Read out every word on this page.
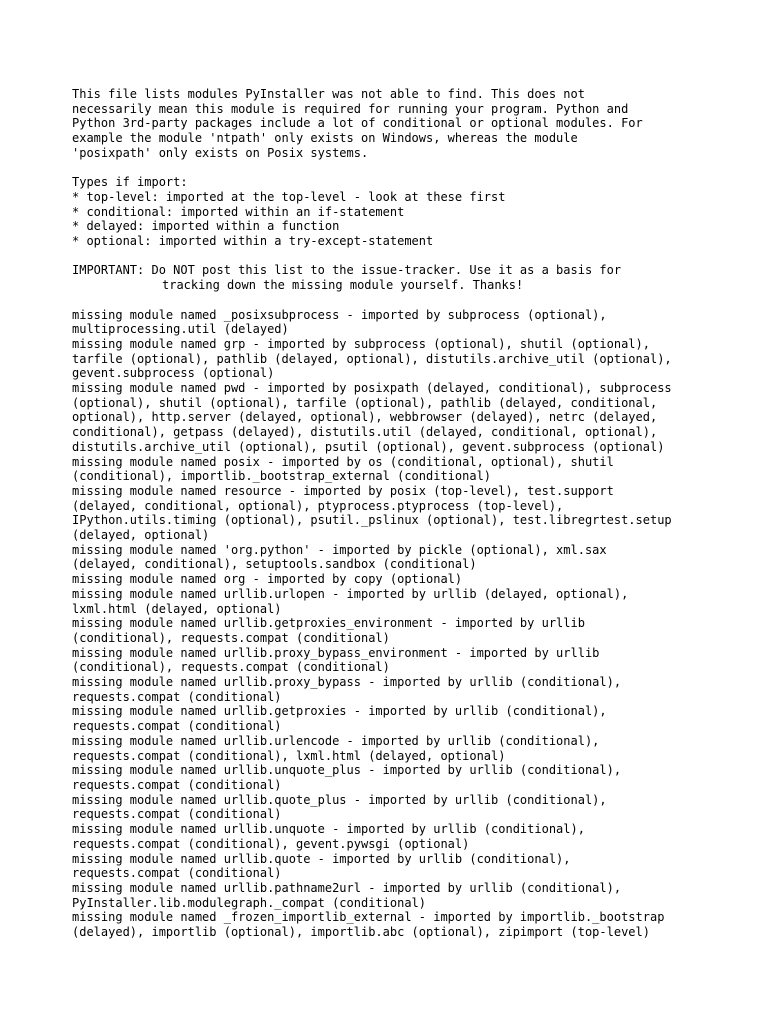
This file lists modules PyInstaller was not able to find. This does not
necessarily mean this module is required for running your program. Python and
Python 3rd-party packages include a lot of conditional or optional modules. For
example the module 'ntpath' only exists on Windows, whereas the module
'posixpath' only exists on Posix systems.
Types if import:
* top-level: imported at the top-level - look at these first
* conditional: imported within an if-statement
* delayed: imported within a function
* optional: imported within a try-except-statement
IMPORTANT: Do NOT post this list to the issue-tracker. Use it as a basis for
tracking down the missing module yourself. Thanks!
missing module named _posixsubprocess - imported by subprocess (optional),
multiprocessing.util (delayed)
missing module named grp - imported by subprocess (optional), shutil (optional),
tarfile (optional), pathlib (delayed, optional), distutils.archive_util (optional),
gevent.subprocess (optional)
missing module named pwd - imported by posixpath (delayed, conditional), subprocess
(optional), shutil (optional), tarfile (optional), pathlib (delayed, conditional,
optional), http.server (delayed, optional), webbrowser (delayed), netrc (delayed,
conditional), getpass (delayed), distutils.util (delayed, conditional, optional),
distutils.archive_util (optional), psutil (optional), gevent.subprocess (optional)
missing module named posix - imported by os (conditional, optional), shutil
(conditional), importlib._bootstrap_external (conditional)
missing module named resource - imported by posix (top-level), test.support
(delayed, conditional, optional), ptyprocess.ptyprocess (top-level),
IPython.utils.timing (optional), psutil._pslinux (optional), test.libregrtest.setup
(delayed, optional)
missing module named 'org.python' - imported by pickle (optional), xml.sax
(delayed, conditional), setuptools.sandbox (conditional)
missing module named org - imported by copy (optional)
missing module named urllib.urlopen - imported by urllib (delayed, optional),
lxml.html (delayed, optional)
missing module named urllib.getproxies_environment - imported by urllib
(conditional), requests.compat (conditional)
missing module named urllib.proxy_bypass_environment - imported by urllib
(conditional), requests.compat (conditional)
missing module named urllib.proxy_bypass - imported by urllib (conditional),
requests.compat (conditional)
missing module named urllib.getproxies - imported by urllib (conditional),
requests.compat (conditional)
missing module named urllib.urlencode - imported by urllib (conditional),
requests.compat (conditional), lxml.html (delayed, optional)
missing module named urllib.unquote_plus - imported by urllib (conditional),
requests.compat (conditional)
missing module named urllib.quote_plus - imported by urllib (conditional),
requests.compat (conditional)
missing module named urllib.unquote - imported by urllib (conditional),
requests.compat (conditional), gevent.pywsgi (optional)
missing module named urllib.quote - imported by urllib (conditional),
requests.compat (conditional)
missing module named urllib.pathname2url - imported by urllib (conditional),
PyInstaller.lib.modulegraph._compat (conditional)
missing module named _frozen_importlib_external - imported by importlib._bootstrap
(delayed), importlib (optional), importlib.abc (optional), zipimport (top-level)
